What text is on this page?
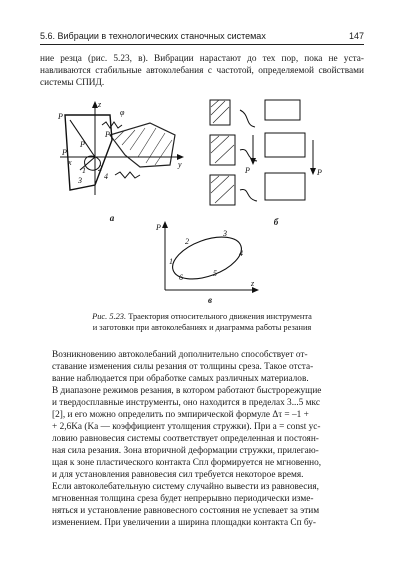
5.6. Вибрации в технологических станочных системах	147

ние резца (рис. 5.23, в). Вибрации нарастают до тех пор, пока не уста- навливаются стабильные автоколебания с частотой, определяемой свойствами системы СПИД.

P
z
φ
y
P
x
P
P
1 2
3	4
а
P	P
б
P
1
2
3
4
5
6
z
в
Рис. 5.23. Траектория относительного движения инструмента
и заготовки при автоколебаниях и диаграмма работы резания
Возникновению автоколебаний дополнительно способствует от-
ставание изменения силы резания от толщины среза. Такое отста-
вание наблюдается при обработке самых различных материалов.
В диапазоне режимов резания, в котором работают быстрорежущие
и твердосплавные инструменты, оно находится в пределах 3...5 мкс
[2], и его можно определить по эмпирической формуле Δτ = –1 +
+ 2,6Ka (Ka — коэффициент утолщения стружки). При a = const ус-
ловию равновесия системы соответствует определенная и постоян-
ная сила резания. Зона вторичной деформации стружки, прилегаю-
щая к зоне пластического контакта Cпл формируется не мгновенно,
и для установления равновесия сил требуется некоторое время.
Если автоколебательную систему случайно вывести из равновесия,
мгновенная толщина среза будет непрерывно периодически изме-
няться и установление равновесного состояния не успевает за этим
изменением. При увеличении a ширина площадки контакта Cп бу-
